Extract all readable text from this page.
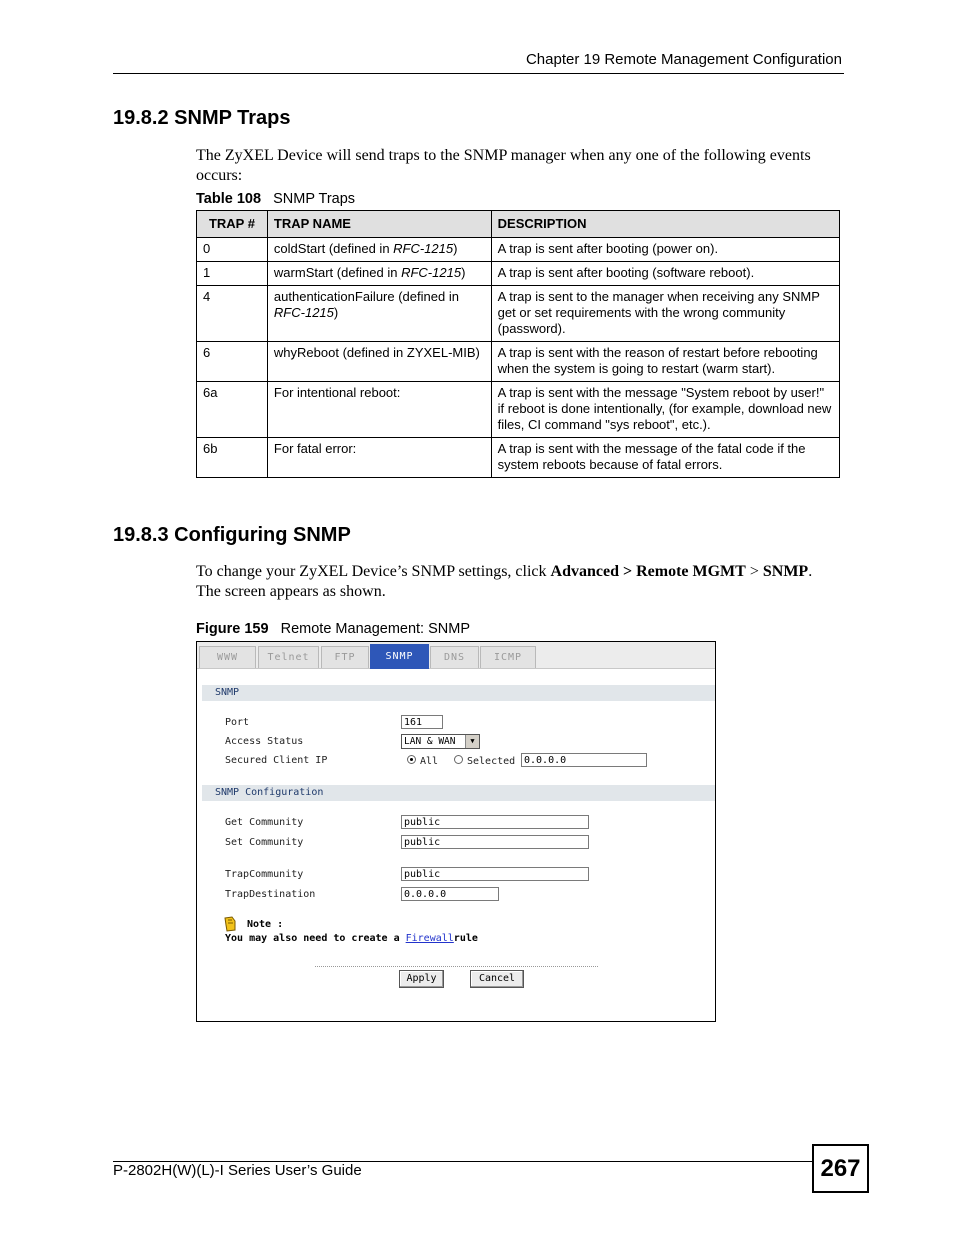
Chapter 19 Remote Management Configuration
19.8.2 SNMP Traps
The ZyXEL Device will send traps to the SNMP manager when any one of the following events occurs:
Table 108 SNMP Traps
TRAP #	TRAP NAME	DESCRIPTION
0	coldStart (defined in RFC-1215)	A trap is sent after booting (power on).
1	warmStart (defined in RFC-1215)	A trap is sent after booting (software reboot).
4	authenticationFailure (defined in RFC-1215)	A trap is sent to the manager when receiving any SNMP get or set requirements with the wrong community (password).
6	whyReboot (defined in ZYXEL-MIB)	A trap is sent with the reason of restart before rebooting when the system is going to restart (warm start).
6a	For intentional reboot:	A trap is sent with the message "System reboot by user!" if reboot is done intentionally, (for example, download new files, CI command "sys reboot", etc.).
6b	For fatal error:	A trap is sent with the message of the fatal code if the system reboots because of fatal errors.
19.8.3 Configuring SNMP
To change your ZyXEL Device’s SNMP settings, click Advanced > Remote MGMT > SNMP. The screen appears as shown.
Figure 159 Remote Management: SNMP
WWW	Telnet	FTP	SNMP	DNS	ICMP
SNMP
Port	161
Access Status	LAN & WAN	▼
Secured Client IP	All	Selected 0.0.0.0
SNMP Configuration
Get Community	public
Set Community	public
TrapCommunity	public
TrapDestination	0.0.0.0
Note :
You may also need to create a Firewallrule
Apply	Cancel
P-2802H(W)(L)-I Series User’s Guide	267
